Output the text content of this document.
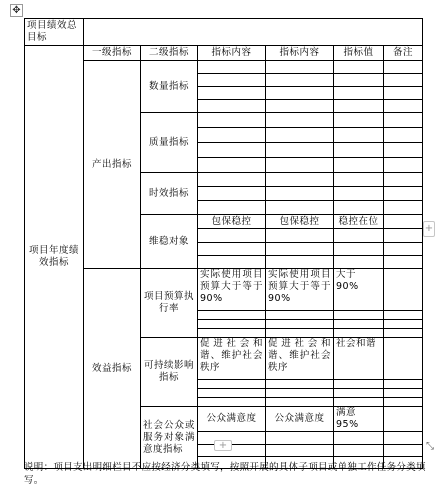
✥
项目绩效总目标						
项目年度绩效指标	一级指标	二级指标	指标内容	指标内容	指标值	备注
	产出指标	数量指标				

		质量指标				

		时效指标				

		维稳对象	包保稳控	包保稳控	稳控在位	

	效益指标	项目预算执行率	实际使用项目预算大于等于 90%	实际使用项目预算大于等于 90%	大于 90%	

		可持续影响指标	促进社会和谐、维护社会秩序	促进社会和谐、维护社会秩序	社会和谐	

		社会公众或服务对象满意度指标	公众满意度	公众满意度	满意 95%	

+
+	⤡
说明：项目支出明细栏目不应按经济分类填写，按照开展的具体子项目或单独工作任务分类填写。
